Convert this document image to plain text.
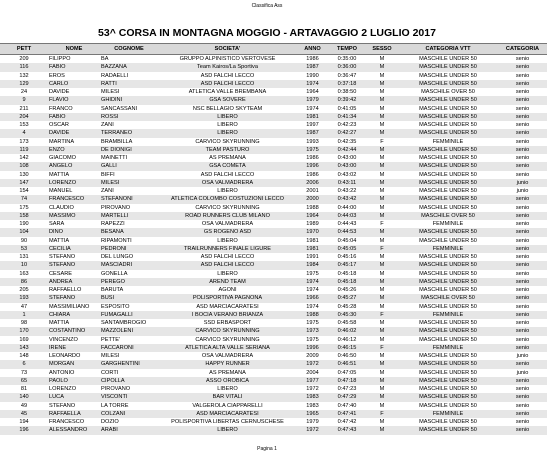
Classifica Ass
53^ CORSA IN MONTAGNA MOGGIO - ARTAVAGGIO 2 LUGLIO 2017
PETT	NOME	COGNOME	SOCIETA'	ANNO	TEMPO	SESSO	CATEGORIA VTT	CATEGORIA
209	FILIPPO	BA	GRUPPO ALPINISTICO VERTOVESE	1986	0:35:00	M	MASCHILE UNDER 50	senio
116	FABIO	BAZZANA	Team Kairos/La Sportiva	1987	0:36:00	M	MASCHILE UNDER 50	senio
132	EROS	RADAELLI	ASD FALCHI LECCO	1990	0:36:47	M	MASCHILE UNDER 50	senio
129	CARLO	RATTI	ASD FALCHI LECCO	1974	0:37:18	M	MASCHILE UNDER 50	senio
24	DAVIDE	MILESI	ATLETICA VALLE BREMBANA	1964	0:38:50	M	MASCHILE OVER 50	senio
9	FLAVIO	GHIDINI	GSA SOVERE	1979	0:39:42	M	MASCHILE UNDER 50	senio
211	FRANCO	SANCASSANI	NSC BELLAGIO SKYTEAM	1974	0:41:05	M	MASCHILE UNDER 50	senio
204	FABIO	ROSSI	LIBERO	1981	0:41:34	M	MASCHILE UNDER 50	senio
153	OSCAR	ZANI	LIBERO	1997	0:42:23	M	MASCHILE UNDER 50	senio
4	DAVIDE	TERRANEO	LIBERO	1987	0:42:27	M	MASCHILE UNDER 50	senio
173	MARTINA	BRAMBILLA	CARVICO SKYRUNNING	1993	0:42:35	F	FEMMINILE	senio
119	ENZO	DE DIONIGI	TEAM PASTURO	1975	0:42:44	M	MASCHILE UNDER 50	senio
142	GIACOMO	MAINETTI	AS PREMANA	1986	0:43:00	M	MASCHILE UNDER 50	senio
108	ANGELO	GALLI	GSA COMETA	1996	0:43:00	M	MASCHILE UNDER 50	senio
130	MATTIA	BIFFI	ASD FALCHI LECCO	1986	0:43:02	M	MASCHILE UNDER 50	senio
147	LORENZO	MILESI	OSA VALMADRERA	2006	0:43:11	M	MASCHILE UNDER 50	junio
154	MANUEL	ZANI	LIBERO	2001	0:43:22	M	MASCHILE UNDER 50	junio
74	FRANCESCO	STEFANONI	ATLETICA COLOMBO COSTUZIONI LECCO	2000	0:43:42	M	MASCHILE UNDER 50	senio
175	CLAUDIO	PIROVANO	CARVICO SKYRUNNING	1988	0:44:00	M	MASCHILE UNDER 50	senio
158	MASSIMO	MARTELLI	ROAD RUNNERS CLUB MILANO	1964	0:44:03	M	MASCHILE OVER 50	senio
190	SARA	RAPEZZI	OSA VALMADRERA	1989	0:44:43	F	FEMMINILE	senio
104	DINO	BESANA	GS ROGENO ASD	1970	0:44:53	M	MASCHILE UNDER 50	senio
90	MATTIA	RIPAMONTI	LIBERO	1981	0:45:04	M	MASCHILE UNDER 50	senio
53	CECILIA	PEDRONI	TRAILRUNNERS FINALE LIGURE	1981	0:45:05	F	FEMMINILE	senio
131	STEFANO	DEL LUNGO	ASD FALCHI LECCO	1991	0:45:16	M	MASCHILE UNDER 50	senio
10	STEFANO	MASCIADRI	ASD FALCHI LECCO	1984	0:45:17	M	MASCHILE UNDER 50	senio
163	CESARE	GONELLA	LIBERO	1975	0:45:18	M	MASCHILE UNDER 50	senio
86	ANDREA	PEREGO	AREND TEAM	1974	0:45:18	M	MASCHILE UNDER 50	senio
205	RAFFAELLO	BARUTA	AGONI	1974	0:45:26	M	MASCHILE UNDER 50	senio
193	STEFANO	BUSI	POLISPORTIVA PAGNONA	1966	0:45:27	M	MASCHILE OVER 50	senio
47	MASSIMILIANO	ESPOSITO	ASD MARCIACARATESI	1974	0:45:28	M	MASCHILE UNDER 50	senio
1	CHIARA	FUMAGALLI	I BOCIA VERANO BRIANZA	1988	0:45:30	F	FEMMINILE	senio
98	MATTIA	SANTAMBROGIO	SSD ERBASPORT	1975	0:45:58	M	MASCHILE UNDER 50	senio
170	COSTANTINO	MAZZOLENI	CARVICO SKYRUNNING	1973	0:46:02	M	MASCHILE UNDER 50	senio
169	VINCENZO	PETTE'	CARVICO SKYRUNNING	1975	0:46:12	M	MASCHILE UNDER 50	senio
143	IRENE	FACCARONI	ATLETICA ALTA VALLE SERIANA	1996	0:46:15	F	FEMMINILE	senio
148	LEONARDO	MILESI	OSA VALMADRERA	2009	0:46:50	M	MASCHILE UNDER 50	junio
6	MORGAN	GARGHENTINI	HAPPY RUNNER	1972	0:46:51	M	MASCHILE UNDER 50	senio
73	ANTONIO	CORTI	AS PREMANA	2004	0:47:05	M	MASCHILE UNDER 50	junio
65	PAOLO	CIPOLLA	ASSO OROBICA	1977	0:47:18	M	MASCHILE UNDER 50	senio
81	LORENZO	PIROVANO	LIBERO	1972	0:47:23	M	MASCHILE UNDER 50	senio
140	LUCA	VISCONTI	BAR VITALI	1983	0:47:29	M	MASCHILE UNDER 50	senio
49	STEFANO	LA TORRE	VALGEROLA CIAPPARELLI	1983	0:47:40	M	MASCHILE UNDER 50	senio
45	RAFFAELLA	COLZANI	ASD MARCIACARATESI	1965	0:47:41	F	FEMMINILE	senio
194	FRANCESCO	DOZIO	POLISPORTIVA LIBERTAS CERNUSCHESE	1979	0:47:42	M	MASCHILE UNDER 50	senio
196	ALESSANDRO	ARABI	LIBERO	1972	0:47:43	M	MASCHILE UNDER 50	senio
Pagina 1
